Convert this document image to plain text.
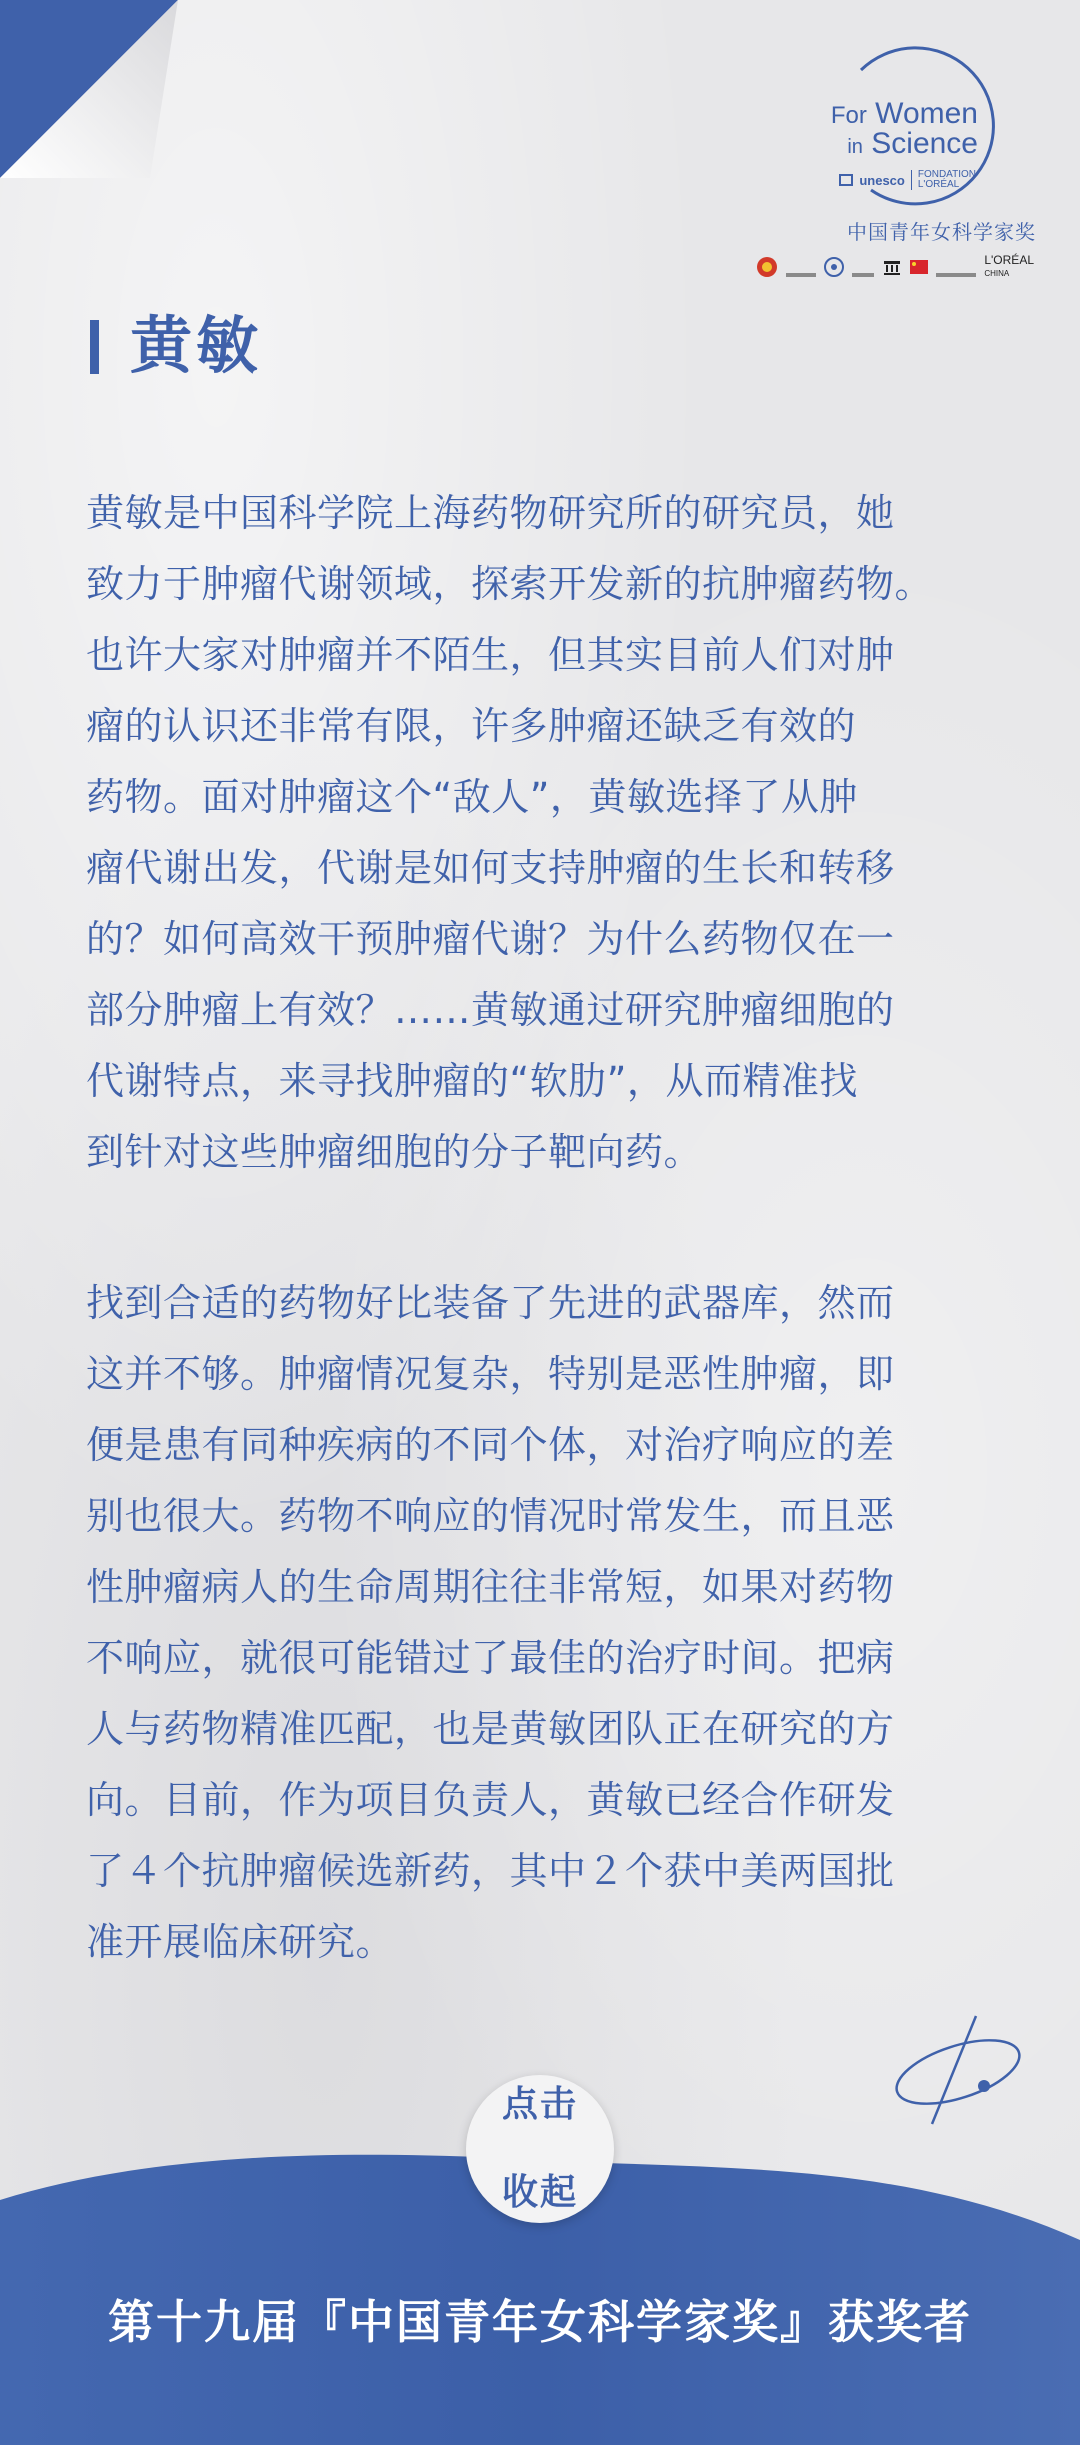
For Women
in Science
unesco FONDATION
L'ORÉAL
中国青年女科学家奖
L'ORÉAL
CHINA
黄敏
黄敏是中国科学院上海药物研究所的研究员，她
致力于肿瘤代谢领域，探索开发新的抗肿瘤药物。
也许大家对肿瘤并不陌生，但其实目前人们对肿
瘤的认识还非常有限，许多肿瘤还缺乏有效的
药物。面对肿瘤这个“敌人”，黄敏选择了从肿
瘤代谢出发，代谢是如何支持肿瘤的生长和转移
的？如何高效干预肿瘤代谢？为什么药物仅在一
部分肿瘤上有效？……黄敏通过研究肿瘤细胞的
代谢特点，来寻找肿瘤的“软肋”，从而精准找
到针对这些肿瘤细胞的分子靶向药。
找到合适的药物好比装备了先进的武器库，然而
这并不够。肿瘤情况复杂，特别是恶性肿瘤，即
便是患有同种疾病的不同个体，对治疗响应的差
别也很大。药物不响应的情况时常发生，而且恶
性肿瘤病人的生命周期往往非常短，如果对药物
不响应，就很可能错过了最佳的治疗时间。把病
人与药物精准匹配，也是黄敏团队正在研究的方
向。目前，作为项目负责人，黄敏已经合作研发
了４个抗肿瘤候选新药，其中２个获中美两国批
准开展临床研究。
点击

收起
第十九届『中国青年女科学家奖』获奖者
